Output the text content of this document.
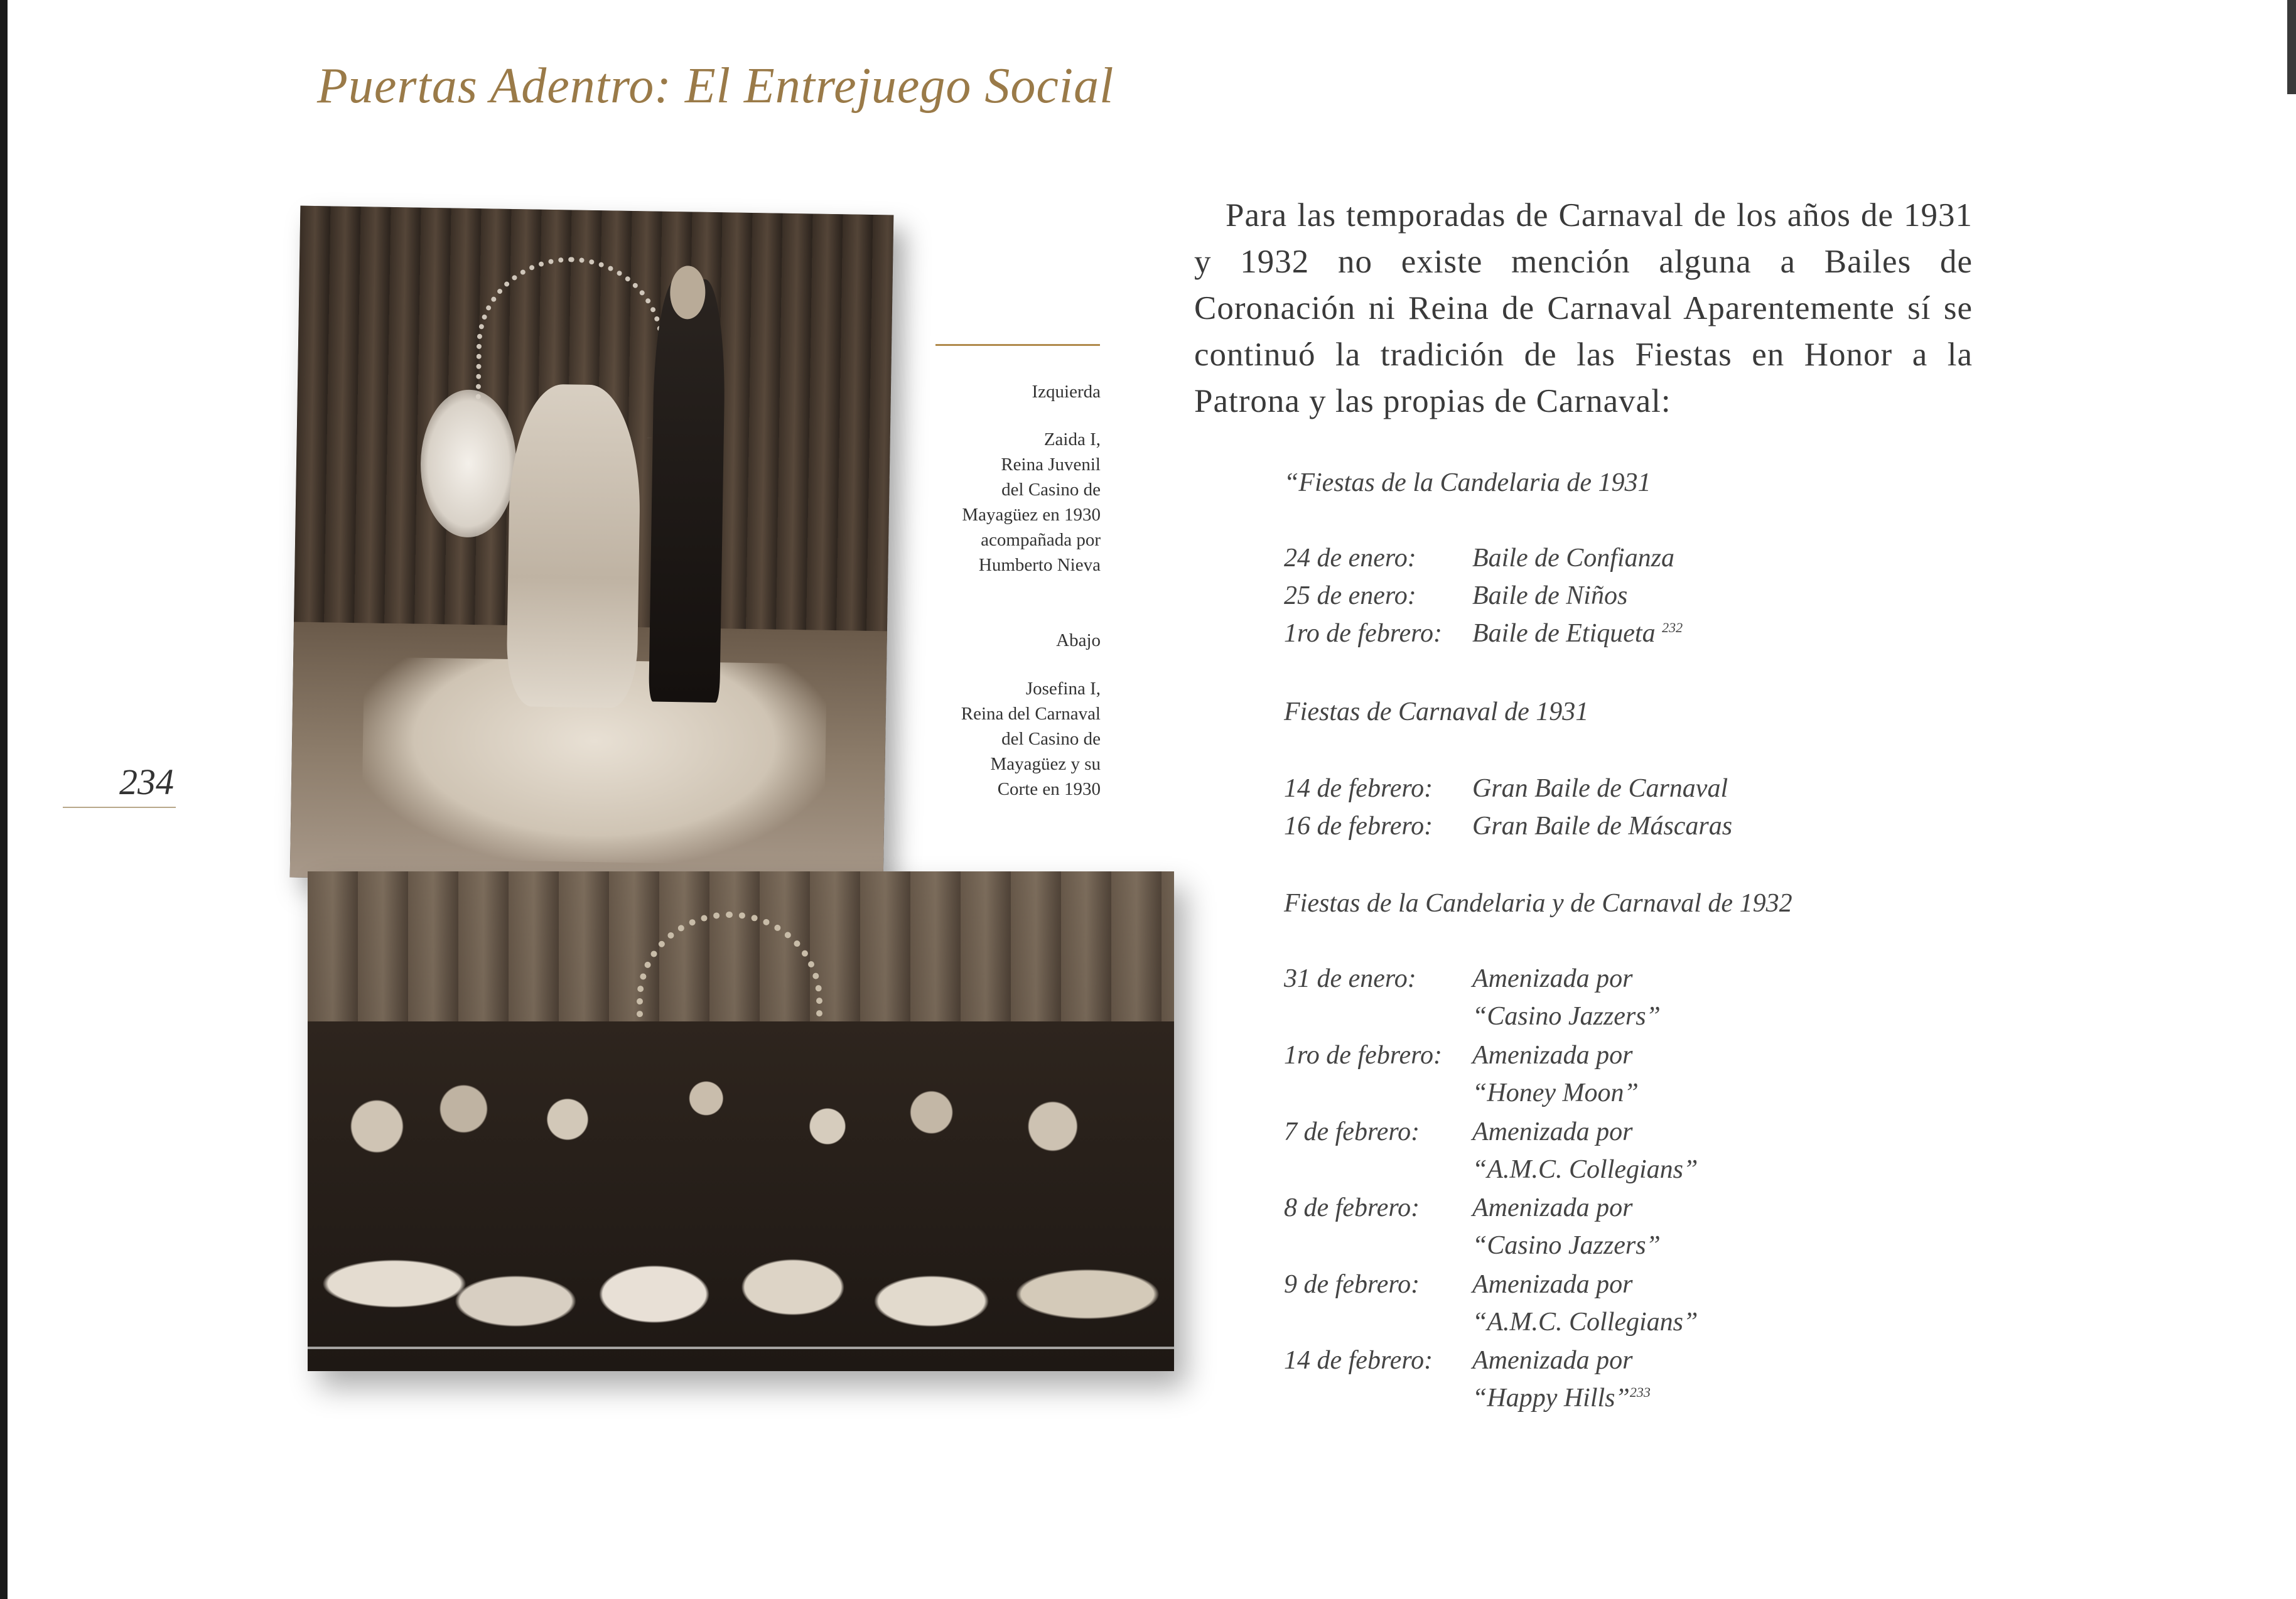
Puertas Adentro: El Entrejuego Social
234

Izquierda

Zaida I,

Reina Juvenil

del Casino de

Mayagüez en 1930

acompañada por

Humberto Nieva

Abajo

Josefina I,

Reina del Carnaval

del Casino de

Mayagüez y su

Corte en 1930

Para las temporadas de Carnaval de los años de 1931 y 1932 no existe mención alguna a Bailes de Coronación ni Reina de Carnaval Aparentemente sí se continuó la tradición de las Fiestas en Honor a la Patrona y las propias de Carnaval:

“Fiestas de la Candelaria de 1931
24 de enero: Baile de Confianza
25 de enero: Baile de Niños
1ro de febrero: Baile de Etiqueta $^{232}$
Fiestas de Carnaval de 1931
14 de febrero: Gran Baile de Carnaval
16 de febrero: Gran Baile de Máscaras
Fiestas de la Candelaria y de Carnaval de 1932
31 de enero: Amenizada por
“Casino Jazzers”
1ro de febrero: Amenizada por
“Honey Moon”
7 de febrero: Amenizada por
“A.M.C. Collegians”
8 de febrero: Amenizada por
“Casino Jazzers”
9 de febrero: Amenizada por
“A.M.C. Collegians”
14 de febrero: Amenizada por
“Happy Hills”$^{233}$
